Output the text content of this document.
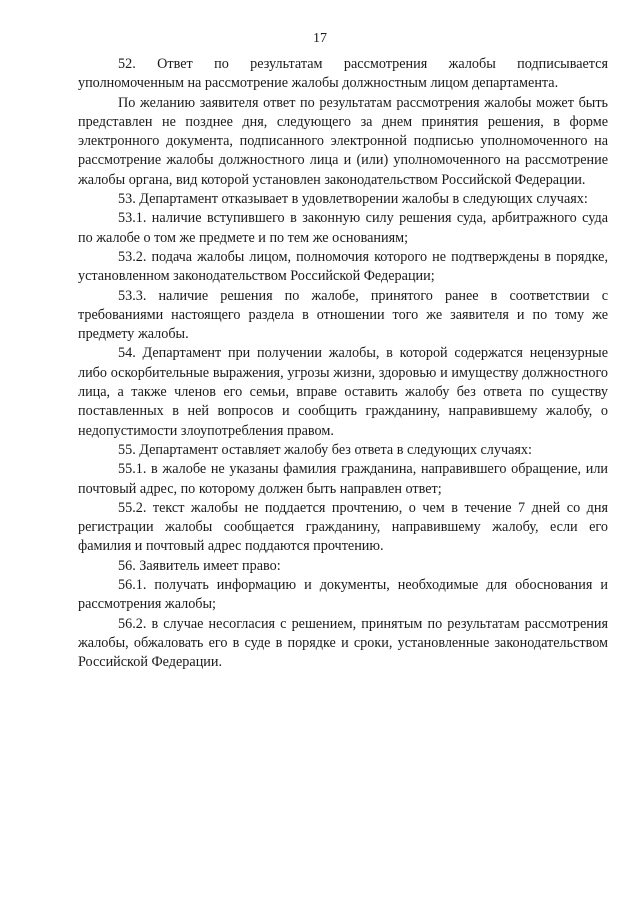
17

52. Ответ по результатам рассмотрения жалобы подписывается уполномоченным на рассмотрение жалобы должностным лицом департамента.

По желанию заявителя ответ по результатам рассмотрения жалобы может быть представлен не позднее дня, следующего за днем принятия решения, в форме электронного документа, подписанного электронной подписью уполномоченного на рассмотрение жалобы должностного лица и (или) уполномоченного на рассмотрение жалобы органа, вид которой установлен законодательством Российской Федерации.

53. Департамент отказывает в удовлетворении жалобы в следующих случаях:

53.1. наличие вступившего в законную силу решения суда, арбитражного суда по жалобе о том же предмете и по тем же основаниям;

53.2. подача жалобы лицом, полномочия которого не подтверждены в порядке, установленном законодательством Российской Федерации;

53.3. наличие решения по жалобе, принятого ранее в соответствии с требованиями настоящего раздела в отношении того же заявителя и по тому же предмету жалобы.

54. Департамент при получении жалобы, в которой содержатся нецензурные либо оскорбительные выражения, угрозы жизни, здоровью и имуществу должностного лица, а также членов его семьи, вправе оставить жалобу без ответа по существу поставленных в ней вопросов и сообщить гражданину, направившему жалобу, о недопустимости злоупотребления правом.

55. Департамент оставляет жалобу без ответа в следующих случаях:

55.1. в жалобе не указаны фамилия гражданина, направившего обращение, или почтовый адрес, по которому должен быть направлен ответ;

55.2. текст жалобы не поддается прочтению, о чем в течение 7 дней со дня регистрации жалобы сообщается гражданину, направившему жалобу, если его фамилия и почтовый адрес поддаются прочтению.

56. Заявитель имеет право:

56.1. получать информацию и документы, необходимые для обоснования и рассмотрения жалобы;

56.2. в случае несогласия с решением, принятым по результатам рассмотрения жалобы, обжаловать его в суде в порядке и сроки, установленные законодательством Российской Федерации.
